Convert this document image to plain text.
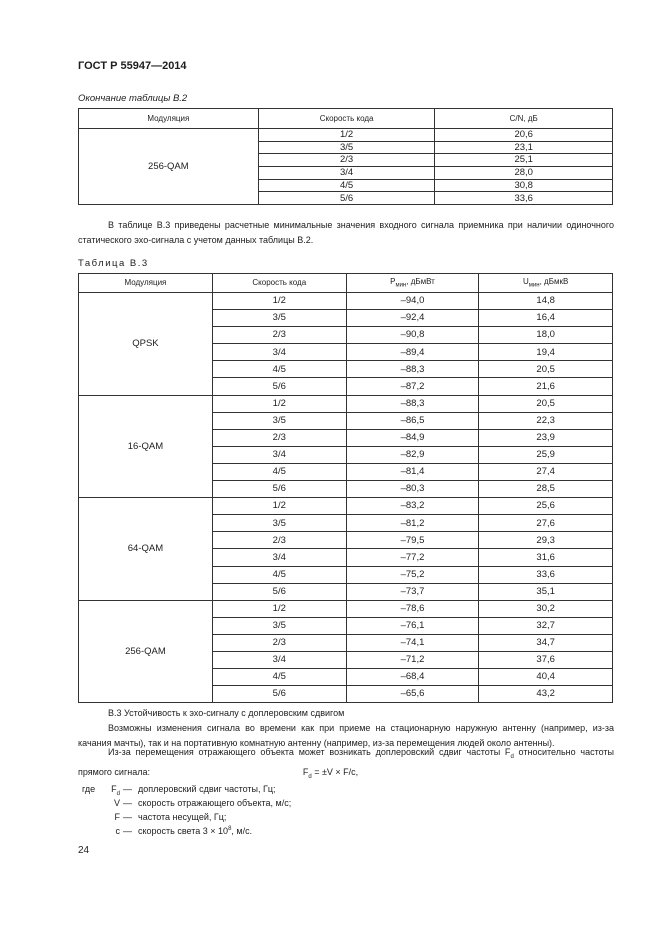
ГОСТ Р 55947—2014
Окончание таблицы В.2
Модуляция	Скорость кода	С/N, дБ
256-QAM	1/2	20,6
	3/5	23,1
	2/3	25,1
	3/4	28,0
	4/5	30,8
	5/6	33,6
В таблице В.3 приведены расчетные минимальные значения входного сигнала приемника при наличии одиночного статического эхо-сигнала с учетом данных таблицы В.2.
Таблица В.3
Модуляция	Скорость кода	$P_{мин}$, дБмВт	$U_{мин}$, дБмкВ
QPSK	1/2	–94,0	14,8
	3/5	–92,4	16,4
	2/3	–90,8	18,0
	3/4	–89,4	19,4
	4/5	–88,3	20,5
	5/6	–87,2	21,6
16-QAM	1/2	–88,3	20,5
	3/5	–86,5	22,3
	2/3	–84,9	23,9
	3/4	–82,9	25,9
	4/5	–81,4	27,4
	5/6	–80,3	28,5
64-QAM	1/2	–83,2	25,6
	3/5	–81,2	27,6
	2/3	–79,5	29,3
	3/4	–77,2	31,6
	4/5	–75,2	33,6
	5/6	–73,7	35,1
256-QAM	1/2	–78,6	30,2
	3/5	–76,1	32,7
	2/3	–74,1	34,7
	3/4	–71,2	37,6
	4/5	–68,4	40,4
	5/6	–65,6	43,2
В.3 Устойчивость к эхо-сигналу с доплеровским сдвигом
Возможны изменения сигнала во времени как при приеме на стационарную наружную антенну (например, из-за качания мачты), так и на портативную комнатную антенну (например, из-за перемещения людей около антенны).
Из-за перемещения отражающего объекта может возникать доплеровский сдвиг частоты $F_d$ относительно частоты прямого сигнала:	$F_d = \pm V \times F/c$,
где	$F_d$ — доплеровский сдвиг частоты, Гц;
V — скорость отражающего объекта, м/с;
F — частота несущей, Гц;
c — скорость света $3 \times 10^8$, м/с.
24
